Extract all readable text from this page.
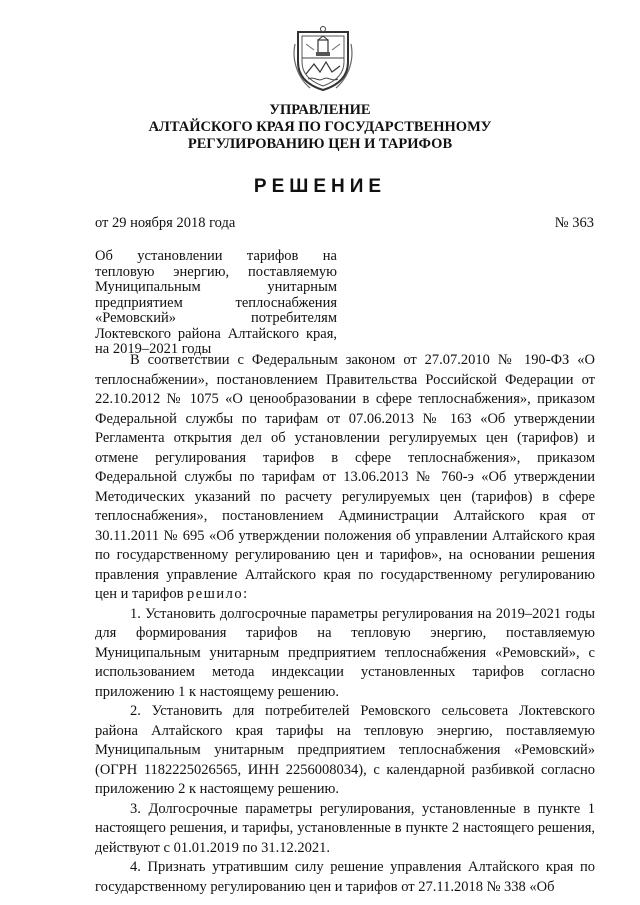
УПРАВЛЕНИЕ

АЛТАЙСКОГО КРАЯ ПО ГОСУДАРСТВЕННОМУ

РЕГУЛИРОВАНИЮ ЦЕН И ТАРИФОВ

РЕШЕНИЕ

от 29 ноября 2018 года	№ 363

Об установлении тарифов на тепловую энергию, поставляемую Муниципальным унитарным предприятием теплоснабжения «Ремовский» потребителям Локтевского района Алтайского края, на 2019–2021 годы

В соответствии с Федеральным законом от 27.07.2010 № 190-ФЗ «О теплоснабжении», постановлением Правительства Российской Федерации от 22.10.2012 № 1075 «О ценообразовании в сфере теплоснабжения», приказом Федеральной службы по тарифам от 07.06.2013 № 163 «Об утверждении Регламента открытия дел об установлении регулируемых цен (тарифов) и отмене регулирования тарифов в сфере теплоснабжения», приказом Федеральной службы по тарифам от 13.06.2013 № 760-э «Об утверждении Методических указаний по расчету регулируемых цен (тарифов) в сфере теплоснабжения», постановлением Администрации Алтайского края от 30.11.2011 № 695 «Об утверждении положения об управлении Алтайского края по государственному регулированию цен и тарифов», на основании решения правления управление Алтайского края по государственному регулированию цен и тарифов решило:

1. Установить долгосрочные параметры регулирования на 2019–2021 годы для формирования тарифов на тепловую энергию, поставляемую Муниципальным унитарным предприятием теплоснабжения «Ремовский», с использованием метода индексации установленных тарифов согласно приложению 1 к настоящему решению.

2. Установить для потребителей Ремовского сельсовета Локтевского района Алтайского края тарифы на тепловую энергию, поставляемую Муниципальным унитарным предприятием теплоснабжения «Ремовский» (ОГРН 1182225026565, ИНН 2256008034), с календарной разбивкой согласно приложению 2 к настоящему решению.

3. Долгосрочные параметры регулирования, установленные в пункте 1 настоящего решения, и тарифы, установленные в пункте 2 настоящего решения, действуют с 01.01.2019 по 31.12.2021.

4. Признать утратившим силу решение управления Алтайского края по государственному регулированию цен и тарифов от 27.11.2018 № 338 «Об
